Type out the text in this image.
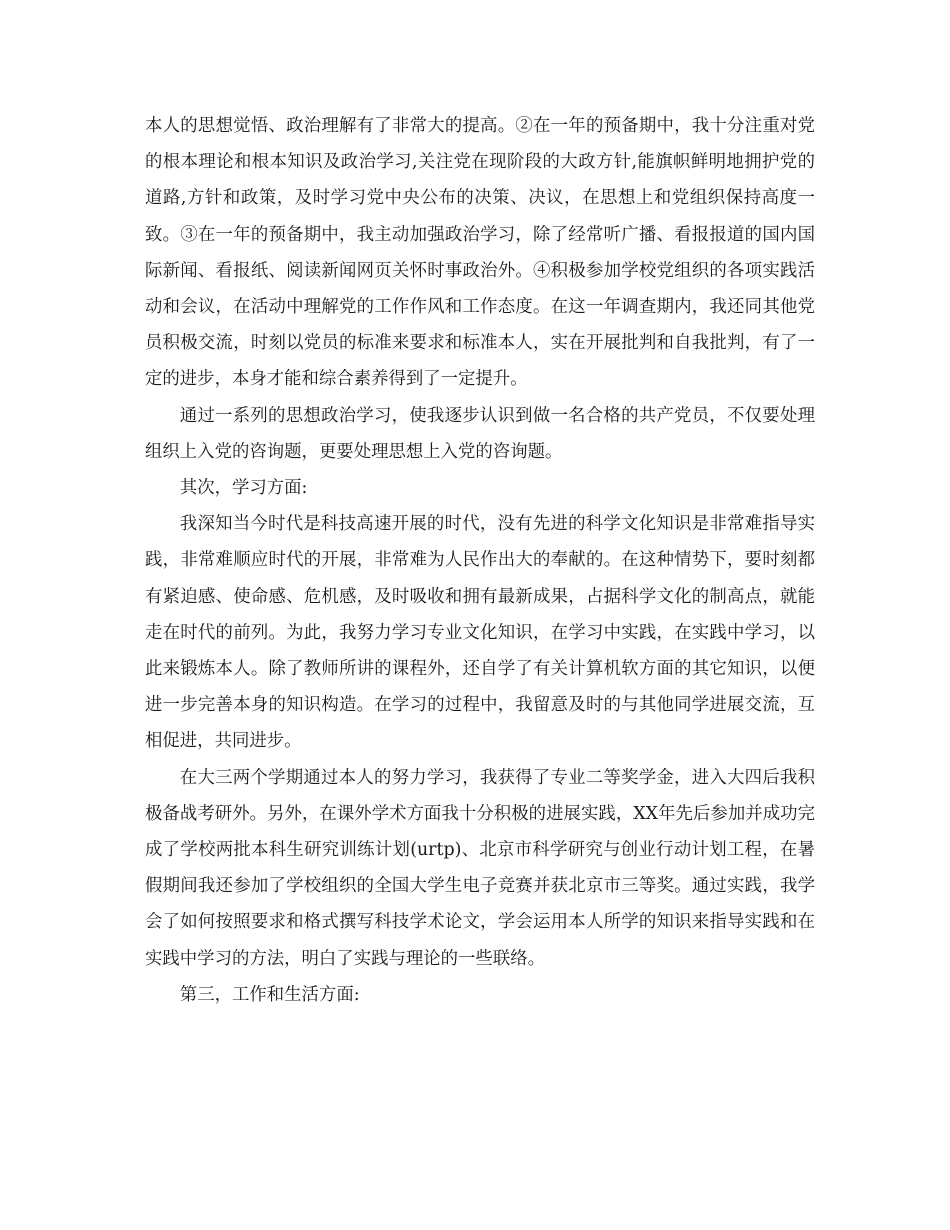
本人的思想觉悟、政治理解有了非常大的提高。②在一年的预备期中，我十分注重对党的根本理论和根本知识及政治学习,关注党在现阶段的大政方针,能旗帜鲜明地拥护党的道路,方针和政策，及时学习党中央公布的决策、决议，在思想上和党组织保持高度一致。③在一年的预备期中，我主动加强政治学习，除了经常听广播、看报报道的国内国际新闻、看报纸、阅读新闻网页关怀时事政治外。④积极参加学校党组织的各项实践活动和会议，在活动中理解党的工作作风和工作态度。在这一年调查期内，我还同其他党员积极交流，时刻以党员的标准来要求和标准本人，实在开展批判和自我批判，有了一定的进步，本身才能和综合素养得到了一定提升。

通过一系列的思想政治学习，使我逐步认识到做一名合格的共产党员，不仅要处理组织上入党的咨询题，更要处理思想上入党的咨询题。

其次，学习方面:

我深知当今时代是科技高速开展的时代，没有先进的科学文化知识是非常难指导实践，非常难顺应时代的开展，非常难为人民作出大的奉献的。在这种情势下，要时刻都有紧迫感、使命感、危机感，及时吸收和拥有最新成果，占据科学文化的制高点，就能走在时代的前列。为此，我努力学习专业文化知识，在学习中实践，在实践中学习，以此来锻炼本人。除了教师所讲的课程外，还自学了有关计算机软方面的其它知识，以便进一步完善本身的知识构造。在学习的过程中，我留意及时的与其他同学进展交流，互相促进，共同进步。

在大三两个学期通过本人的努力学习，我获得了专业二等奖学金，进入大四后我积极备战考研外。另外，在课外学术方面我十分积极的进展实践，XX年先后参加并成功完成了学校两批本科生研究训练计划(urtp)、北京市科学研究与创业行动计划工程，在暑假期间我还参加了学校组织的全国大学生电子竞赛并获北京市三等奖。通过实践，我学会了如何按照要求和格式撰写科技学术论文，学会运用本人所学的知识来指导实践和在实践中学习的方法，明白了实践与理论的一些联络。

第三，工作和生活方面:
